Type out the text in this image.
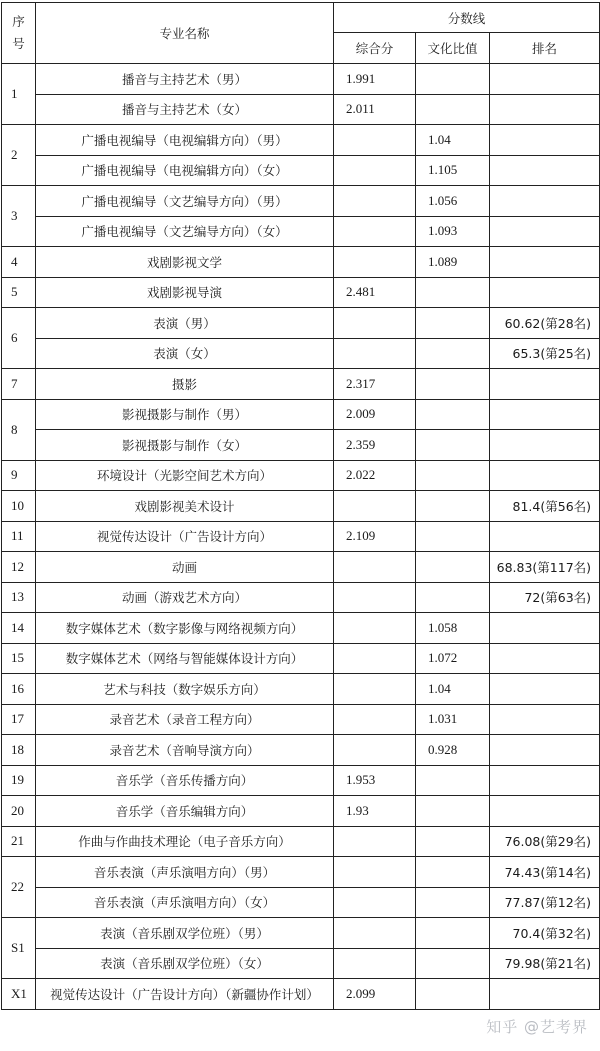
序号	专业名称	分数线		
		综合分	文化比值	排名
1	播音与主持艺术（男）	1.991		
	播音与主持艺术（女）	2.011		
2	广播电视编导（电视编辑方向）（男）		1.04	
	广播电视编导（电视编辑方向）（女）		1.105	
3	广播电视编导（文艺编导方向）（男）		1.056	
	广播电视编导（文艺编导方向）（女）		1.093	
4	戏剧影视文学		1.089	
5	戏剧影视导演	2.481		
6	表演（男）			60.62(第28名)
	表演（女）			65.3(第25名)
7	摄影	2.317		
8	影视摄影与制作（男）	2.009		
	影视摄影与制作（女）	2.359		
9	环境设计（光影空间艺术方向）	2.022		
10	戏剧影视美术设计			81.4(第56名)
11	视觉传达设计（广告设计方向）	2.109		
12	动画			68.83(第117名)
13	动画（游戏艺术方向）			72(第63名)
14	数字媒体艺术（数字影像与网络视频方向）		1.058	
15	数字媒体艺术（网络与智能媒体设计方向）		1.072	
16	艺术与科技（数字娱乐方向）		1.04	
17	录音艺术（录音工程方向）		1.031	
18	录音艺术（音响导演方向）		0.928	
19	音乐学（音乐传播方向）	1.953		
20	音乐学（音乐编辑方向）	1.93		
21	作曲与作曲技术理论（电子音乐方向）			76.08(第29名)
22	音乐表演（声乐演唱方向）（男）			74.43(第14名)
	音乐表演（声乐演唱方向）（女）			77.87(第12名)
S1	表演（音乐剧双学位班）（男）			70.4(第32名)
	表演（音乐剧双学位班）（女）			79.98(第21名)
X1	视觉传达设计（广告设计方向）（新疆协作计划）	2.099		
知乎 @艺考界
